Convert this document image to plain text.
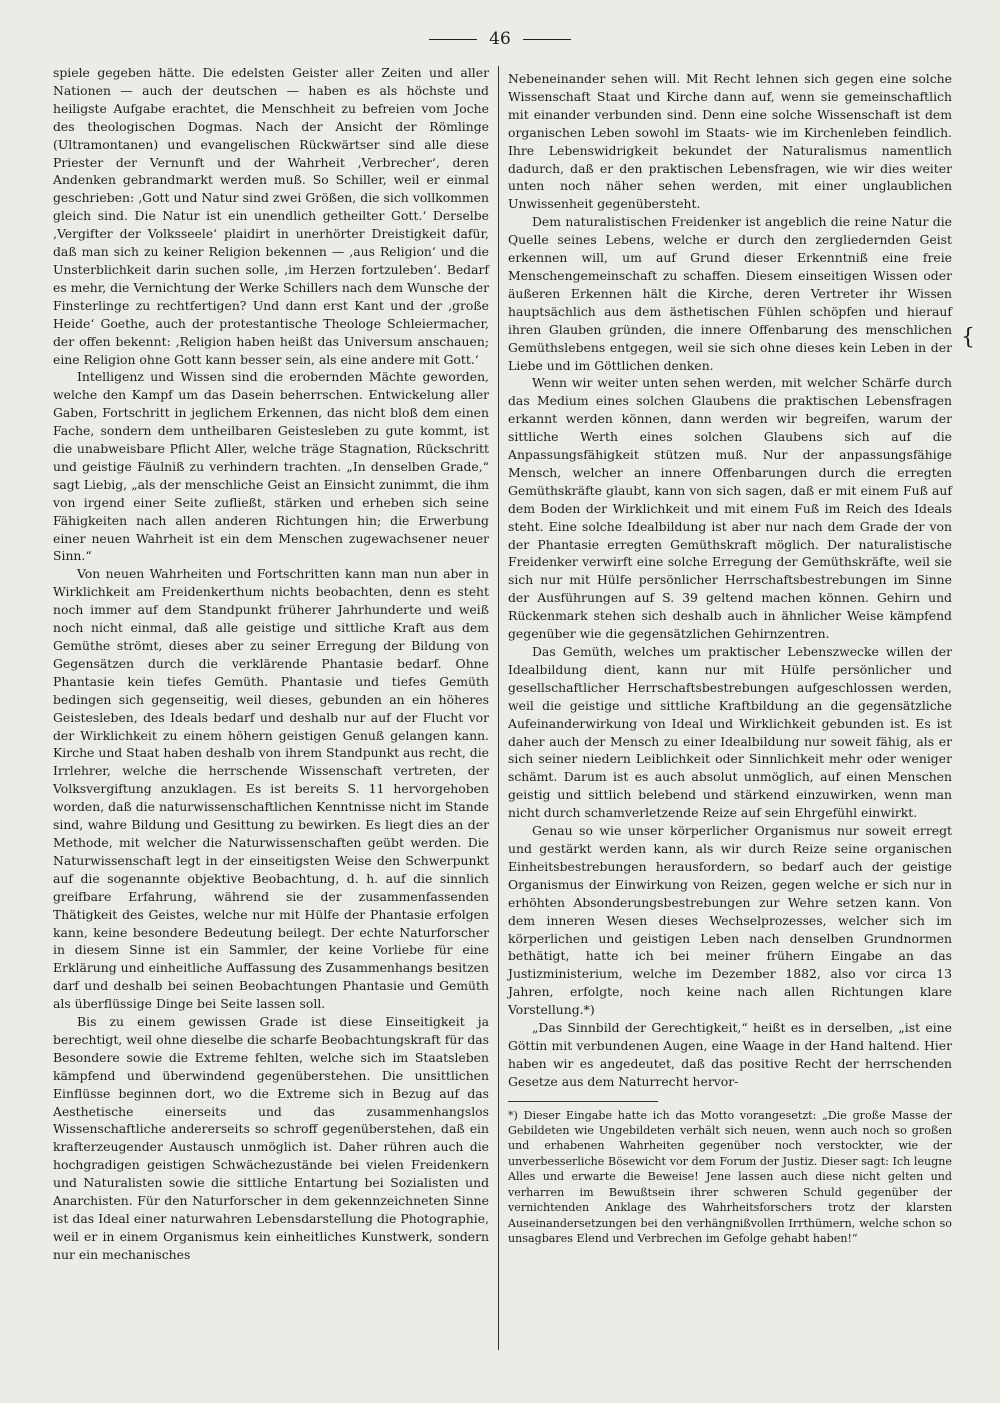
46

spiele gegeben hätte. Die edelsten Geister aller Zeiten und aller Nationen — auch der deutschen — haben es als höchste und heiligste Aufgabe erachtet, die Menschheit zu befreien vom Joche des theologischen Dogmas. Nach der Ansicht der Römlinge (Ultramontanen) und evangelischen Rückwärtser sind alle diese Priester der Vernunft und der Wahrheit ‚Verbrecher‘, deren Andenken gebrandmarkt werden muß. So Schiller, weil er einmal geschrieben: ‚Gott und Natur sind zwei Größen, die sich vollkommen gleich sind. Die Natur ist ein unendlich getheilter Gott.‘ Derselbe ‚Vergifter der Volksseele‘ plaidirt in unerhörter Dreistigkeit dafür, daß man sich zu keiner Religion bekennen — ‚aus Religion‘ und die Unsterblichkeit darin suchen solle, ‚im Herzen fortzuleben‘. Bedarf es mehr, die Vernichtung der Werke Schillers nach dem Wunsche der Finsterlinge zu rechtfertigen? Und dann erst Kant und der ‚große Heide‘ Goethe, auch der protestantische Theologe Schleiermacher, der offen bekennt: ‚Religion haben heißt das Universum anschauen; eine Religion ohne Gott kann besser sein, als eine andere mit Gott.‘

Intelligenz und Wissen sind die erobernden Mächte geworden, welche den Kampf um das Dasein beherrschen. Entwickelung aller Gaben, Fortschritt in jeglichem Erkennen, das nicht bloß dem einen Fache, sondern dem untheilbaren Geistesleben zu gute kommt, ist die unabweisbare Pflicht Aller, welche träge Stagnation, Rückschritt und geistige Fäulniß zu verhindern trachten. „In denselben Grade,“ sagt Liebig, „als der menschliche Geist an Einsicht zunimmt, die ihm von irgend einer Seite zufließt, stärken und erheben sich seine Fähigkeiten nach allen anderen Richtungen hin; die Erwerbung einer neuen Wahrheit ist ein dem Menschen zugewachsener neuer Sinn.“

Von neuen Wahrheiten und Fortschritten kann man nun aber in Wirklichkeit am Freidenkerthum nichts beobachten, denn es steht noch immer auf dem Standpunkt früherer Jahrhunderte und weiß noch nicht einmal, daß alle geistige und sittliche Kraft aus dem Gemüthe strömt, dieses aber zu seiner Erregung der Bildung von Gegensätzen durch die verklärende Phantasie bedarf. Ohne Phantasie kein tiefes Gemüth. Phantasie und tiefes Gemüth bedingen sich gegenseitig, weil dieses, gebunden an ein höheres Geistesleben, des Ideals bedarf und deshalb nur auf der Flucht vor der Wirklichkeit zu einem höhern geistigen Genuß gelangen kann. Kirche und Staat haben deshalb von ihrem Standpunkt aus recht, die Irrlehrer, welche die herrschende Wissenschaft vertreten, der Volksvergiftung anzuklagen. Es ist bereits S. 11 hervorgehoben worden, daß die naturwissenschaftlichen Kenntnisse nicht im Stande sind, wahre Bildung und Gesittung zu bewirken. Es liegt dies an der Methode, mit welcher die Naturwissenschaften geübt werden. Die Naturwissenschaft legt in der einseitigsten Weise den Schwerpunkt auf die sogenannte objektive Beobachtung, d. h. auf die sinnlich greifbare Erfahrung, während sie der zusammenfassenden Thätigkeit des Geistes, welche nur mit Hülfe der Phantasie erfolgen kann, keine besondere Bedeutung beilegt. Der echte Naturforscher in diesem Sinne ist ein Sammler, der keine Vorliebe für eine Erklärung und einheitliche Auffassung des Zusammenhangs besitzen darf und deshalb bei seinen Beobachtungen Phantasie und Gemüth als überflüssige Dinge bei Seite lassen soll.

Bis zu einem gewissen Grade ist diese Einseitigkeit ja berechtigt, weil ohne dieselbe die scharfe Beobachtungskraft für das Besondere sowie die Extreme fehlten, welche sich im Staatsleben kämpfend und überwindend gegenüberstehen. Die unsittlichen Einflüsse beginnen dort, wo die Extreme sich in Bezug auf das Aesthetische einerseits und das zusammenhangslos Wissenschaftliche andererseits so schroff gegenüberstehen, daß ein krafterzeugender Austausch unmöglich ist. Daher rühren auch die hochgradigen geistigen Schwächezustände bei vielen Freidenkern und Naturalisten sowie die sittliche Entartung bei Sozialisten und Anarchisten. Für den Naturforscher in dem gekennzeichneten Sinne ist das Ideal einer naturwahren Lebensdarstellung die Photographie, weil er in einem Organismus kein einheitliches Kunstwerk, sondern nur ein mechanisches

Nebeneinander sehen will. Mit Recht lehnen sich gegen eine solche Wissenschaft Staat und Kirche dann auf, wenn sie gemeinschaftlich mit einander verbunden sind. Denn eine solche Wissenschaft ist dem organischen Leben sowohl im Staats- wie im Kirchenleben feindlich. Ihre Lebenswidrigkeit bekundet der Naturalismus namentlich dadurch, daß er den praktischen Lebensfragen, wie wir dies weiter unten noch näher sehen werden, mit einer unglaublichen Unwissenheit gegenübersteht.

Dem naturalistischen Freidenker ist angeblich die reine Natur die Quelle seines Lebens, welche er durch den zergliedernden Geist erkennen will, um auf Grund dieser Erkenntniß eine freie Menschengemeinschaft zu schaffen. Diesem einseitigen Wissen oder äußeren Erkennen hält die Kirche, deren Vertreter ihr Wissen hauptsächlich aus dem ästhetischen Fühlen schöpfen und hierauf ihren Glauben gründen, die innere Offenbarung des menschlichen Gemüthslebens entgegen, weil sie sich ohne dieses kein Leben in der Liebe und im Göttlichen denken.

Wenn wir weiter unten sehen werden, mit welcher Schärfe durch das Medium eines solchen Glaubens die praktischen Lebensfragen erkannt werden können, dann werden wir begreifen, warum der sittliche Werth eines solchen Glaubens sich auf die Anpassungsfähigkeit stützen muß. Nur der anpassungsfähige Mensch, welcher an innere Offenbarungen durch die erregten Gemüthskräfte glaubt, kann von sich sagen, daß er mit einem Fuß auf dem Boden der Wirklichkeit und mit einem Fuß im Reich des Ideals steht. Eine solche Idealbildung ist aber nur nach dem Grade der von der Phantasie erregten Gemüthskraft möglich. Der naturalistische Freidenker verwirft eine solche Erregung der Gemüthskräfte, weil sie sich nur mit Hülfe persönlicher Herrschaftsbestrebungen im Sinne der Ausführungen auf S. 39 geltend machen können. Gehirn und Rückenmark stehen sich deshalb auch in ähnlicher Weise kämpfend gegenüber wie die gegensätzlichen Gehirnzentren.

Das Gemüth, welches um praktischer Lebenszwecke willen der Idealbildung dient, kann nur mit Hülfe persönlicher und gesellschaftlicher Herrschaftsbestrebungen aufgeschlossen werden, weil die geistige und sittliche Kraftbildung an die gegensätzliche Aufeinanderwirkung von Ideal und Wirklichkeit gebunden ist. Es ist daher auch der Mensch zu einer Idealbildung nur soweit fähig, als er sich seiner niedern Leiblichkeit oder Sinnlichkeit mehr oder weniger schämt. Darum ist es auch absolut unmöglich, auf einen Menschen geistig und sittlich belebend und stärkend einzuwirken, wenn man nicht durch schamverletzende Reize auf sein Ehrgefühl einwirkt.

Genau so wie unser körperlicher Organismus nur soweit erregt und gestärkt werden kann, als wir durch Reize seine organischen Einheitsbestrebungen herausfordern, so bedarf auch der geistige Organismus der Einwirkung von Reizen, gegen welche er sich nur in erhöhten Absonderungsbestrebungen zur Wehre setzen kann. Von dem inneren Wesen dieses Wechselprozesses, welcher sich im körperlichen und geistigen Leben nach denselben Grundnormen bethätigt, hatte ich bei meiner frühern Eingabe an das Justizministerium, welche im Dezember 1882, also vor circa 13 Jahren, erfolgte, noch keine nach allen Richtungen klare Vorstellung.*)

„Das Sinnbild der Gerechtigkeit,“ heißt es in derselben, „ist eine Göttin mit verbundenen Augen, eine Waage in der Hand haltend. Hier haben wir es angedeutet, daß das positive Recht der herrschenden Gesetze aus dem Naturrecht hervor-

*) Dieser Eingabe hatte ich das Motto vorangesetzt: „Die große Masse der Gebildeten wie Ungebildeten verhält sich neuen, wenn auch noch so großen und erhabenen Wahrheiten gegenüber noch verstockter, wie der unverbesserliche Bösewicht vor dem Forum der Justiz. Dieser sagt: Ich leugne Alles und erwarte die Beweise! Jene lassen auch diese nicht gelten und verharren im Bewußtsein ihrer schweren Schuld gegenüber der vernichtenden Anklage des Wahrheitsforschers trotz der klarsten Auseinandersetzungen bei den verhängnißvollen Irrthümern, welche schon so unsagbares Elend und Verbrechen im Gefolge gehabt haben!“

{
